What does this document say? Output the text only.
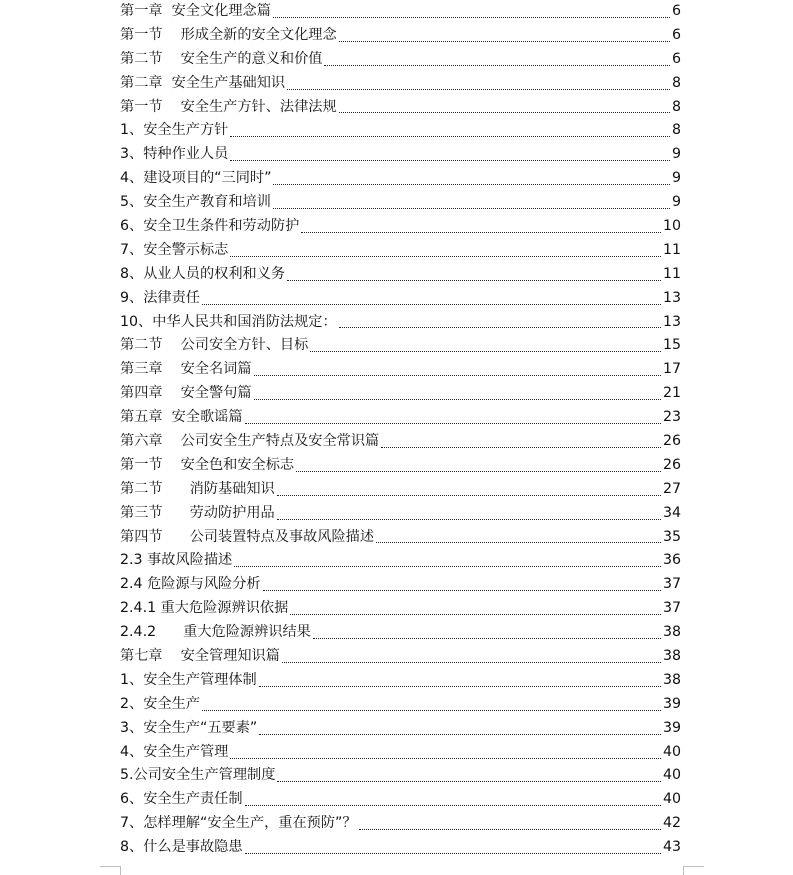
第一章  安全文化理念篇	6
第一节    形成全新的安全文化理念	6
第二节    安全生产的意义和价值	6
第二章  安全生产基础知识	8
第一节    安全生产方针、法律法规	8
1、安全生产方针	8
3、特种作业人员	9
4、建设项目的“三同时”	9
5、安全生产教育和培训	9
6、安全卫生条件和劳动防护	10
7、安全警示标志	11
8、从业人员的权利和义务	11
9、法律责任	13
10、中华人民共和国消防法规定：	13
第二节    公司安全方针、目标	15
第三章    安全名词篇	17
第四章    安全警句篇	21
第五章  安全歌谣篇	23
第六章    公司安全生产特点及安全常识篇	26
第一节    安全色和安全标志	26
第二节      消防基础知识	27
第三节      劳动防护用品	34
第四节      公司装置特点及事故风险描述	35
2.3 事故风险描述	36
2.4 危险源与风险分析	37
2.4.1 重大危险源辨识依据	37
2.4.2      重大危险源辨识结果	38
第七章    安全管理知识篇	38
1、安全生产管理体制	38
2、安全生产	39
3、安全生产“五要素”	39
4、安全生产管理	40
5.公司安全生产管理制度	40
6、安全生产责任制	40
7、怎样理解“安全生产，重在预防”？	42
8、什么是事故隐患	43
